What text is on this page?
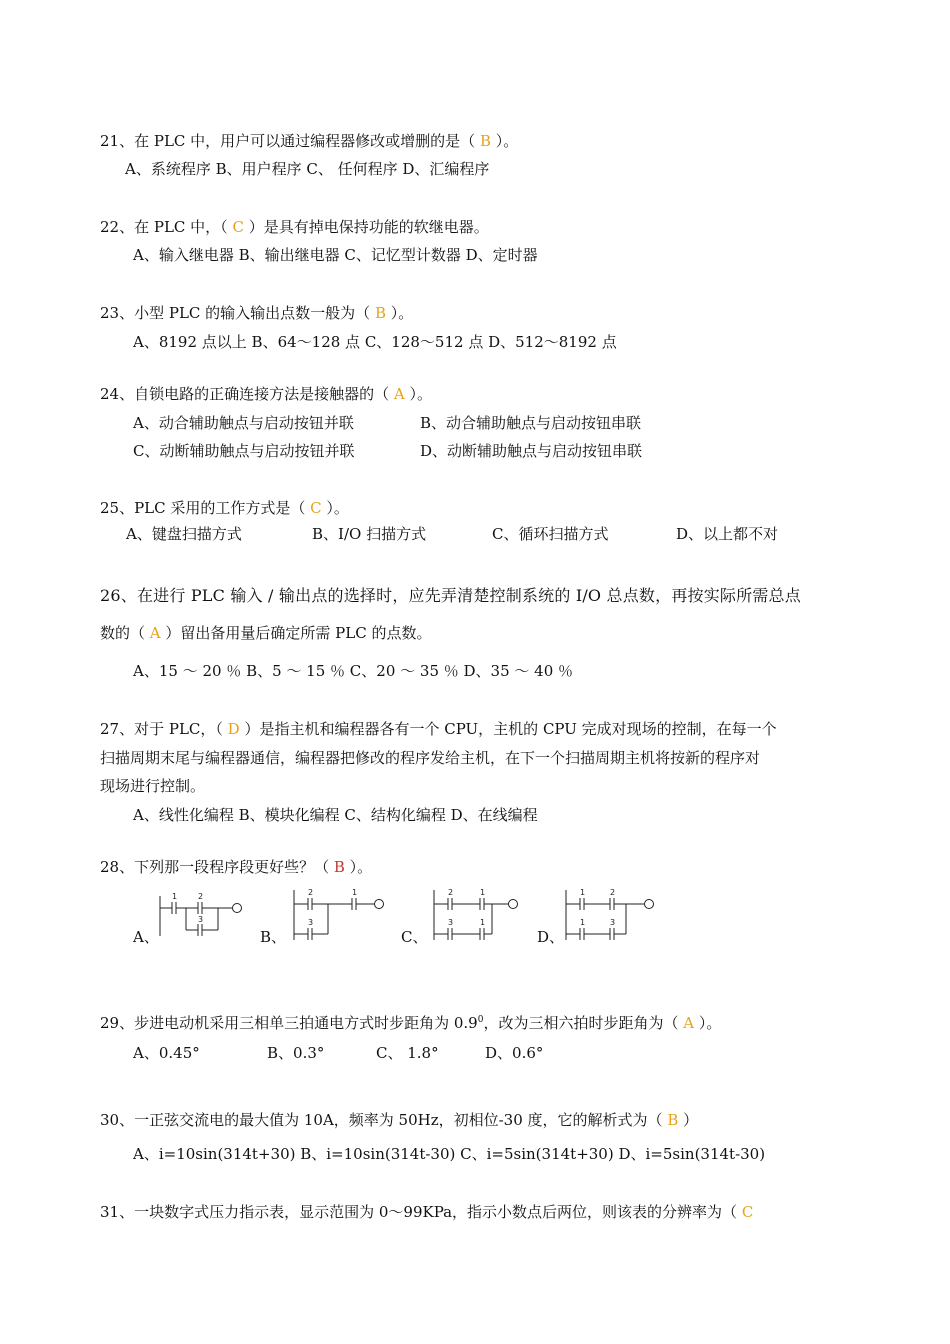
21、在 PLC 中，用户可以通过编程器修改或增删的是（ B ）。
A、系统程序 B、用户程序 C、 任何程序 D、汇编程序
22、在 PLC 中，（ C ）是具有掉电保持功能的软继电器。
A、输入继电器 B、输出继电器 C、记忆型计数器 D、定时器
23、小型 PLC 的输入输出点数一般为（ B ）。
A、8192 点以上 B、64～128 点 C、128～512 点 D、512～8192 点
24、自锁电路的正确连接方法是接触器的（ A ）。
A、动合辅助触点与启动按钮并联	B、动合辅助触点与启动按钮串联
C、动断辅助触点与启动按钮并联	D、动断辅助触点与启动按钮串联
25、PLC 采用的工作方式是（ C ）。
A、键盘扫描方式	B、I/O 扫描方式	C、循环扫描方式	D、以上都不对
26、在进行 PLC 输入 / 输出点的选择时，应先弄清楚控制系统的 I/O 总点数，再按实际所需总点
数的（ A ）留出备用量后确定所需 PLC 的点数。
A、15 ～ 20 ％ B、5 ～ 15 ％ C、20 ～ 35 ％ D、35 ～ 40 ％
27、对于 PLC，（ D ）是指主机和编程器各有一个 CPU，主机的 CPU 完成对现场的控制，在每一个
扫描周期末尾与编程器通信，编程器把修改的程序发给主机，在下一个扫描周期主机将按新的程序对
现场进行控制。
A、线性化编程 B、模块化编程 C、结构化编程 D、在线编程
28、下列那一段程序段更好些？（ B ）。
A、
1	2
3
B、
2	1
3
C、
2	1
3	1
D、
1	2
1	3
29、步进电动机采用三相单三拍通电方式时步距角为 $0.9^0$，改为三相六拍时步距角为（ A ）。
A、0.45°	B、0.3°	C、 1.8°	D、0.6°
30、一正弦交流电的最大值为 10A，频率为 50Hz，初相位-30 度，它的解析式为（ B ）
A、i=10sin(314t+30) B、i=10sin(314t-30) C、i=5sin(314t+30) D、i=5sin(314t-30)
31、一块数字式压力指示表，显示范围为 0～99KPa，指示小数点后两位，则该表的分辨率为（ C
